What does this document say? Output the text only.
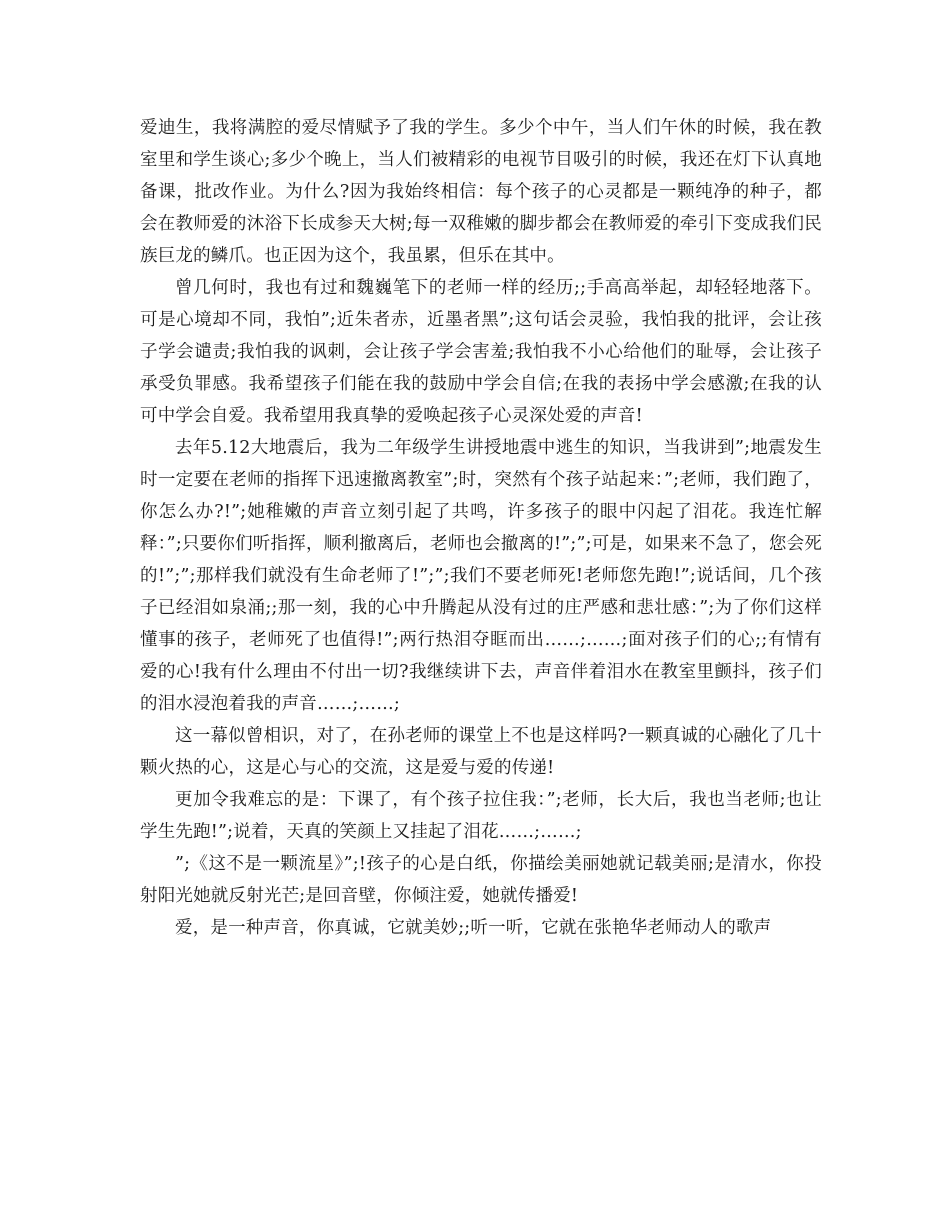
爱迪生，我将满腔的爱尽情赋予了我的学生。多少个中午，当人们午休的时候，我在教室里和学生谈心;多少个晚上，当人们被精彩的电视节目吸引的时候，我还在灯下认真地备课，批改作业。为什么?因为我始终相信：每个孩子的心灵都是一颗纯净的种子，都会在教师爱的沐浴下长成参天大树;每一双稚嫩的脚步都会在教师爱的牵引下变成我们民族巨龙的鳞爪。也正因为这个，我虽累，但乐在其中。

曾几何时，我也有过和魏巍笔下的老师一样的经历;;手高高举起，却轻轻地落下。可是心境却不同，我怕”;近朱者赤，近墨者黑”;这句话会灵验，我怕我的批评，会让孩子学会谴责;我怕我的讽刺，会让孩子学会害羞;我怕我不小心给他们的耻辱，会让孩子承受负罪感。我希望孩子们能在我的鼓励中学会自信;在我的表扬中学会感激;在我的认可中学会自爱。我希望用我真挚的爱唤起孩子心灵深处爱的声音!

去年5.12大地震后，我为二年级学生讲授地震中逃生的知识，当我讲到”;地震发生时一定要在老师的指挥下迅速撤离教室”;时，突然有个孩子站起来：”;老师，我们跑了，你怎么办?!”;她稚嫩的声音立刻引起了共鸣，许多孩子的眼中闪起了泪花。我连忙解释：”;只要你们听指挥，顺利撤离后，老师也会撤离的!”;”;可是，如果来不急了，您会死的!”;”;那样我们就没有生命老师了!”;”;我们不要老师死!老师您先跑!”;说话间，几个孩子已经泪如泉涌;;那一刻，我的心中升腾起从没有过的庄严感和悲壮感：”;为了你们这样懂事的孩子，老师死了也值得!”;两行热泪夺眶而出……;……;面对孩子们的心;;有情有爱的心!我有什么理由不付出一切?我继续讲下去，声音伴着泪水在教室里颤抖，孩子们的泪水浸泡着我的声音……;……;

这一幕似曾相识，对了，在孙老师的课堂上不也是这样吗?一颗真诚的心融化了几十颗火热的心，这是心与心的交流，这是爱与爱的传递!

更加令我难忘的是：下课了，有个孩子拉住我：”;老师，长大后，我也当老师;也让学生先跑!”;说着，天真的笑颜上又挂起了泪花……;……;

”;《这不是一颗流星》”;!孩子的心是白纸，你描绘美丽她就记载美丽;是清水，你投射阳光她就反射光芒;是回音壁，你倾注爱，她就传播爱!

爱，是一种声音，你真诚，它就美妙;;听一听，它就在张艳华老师动人的歌声
